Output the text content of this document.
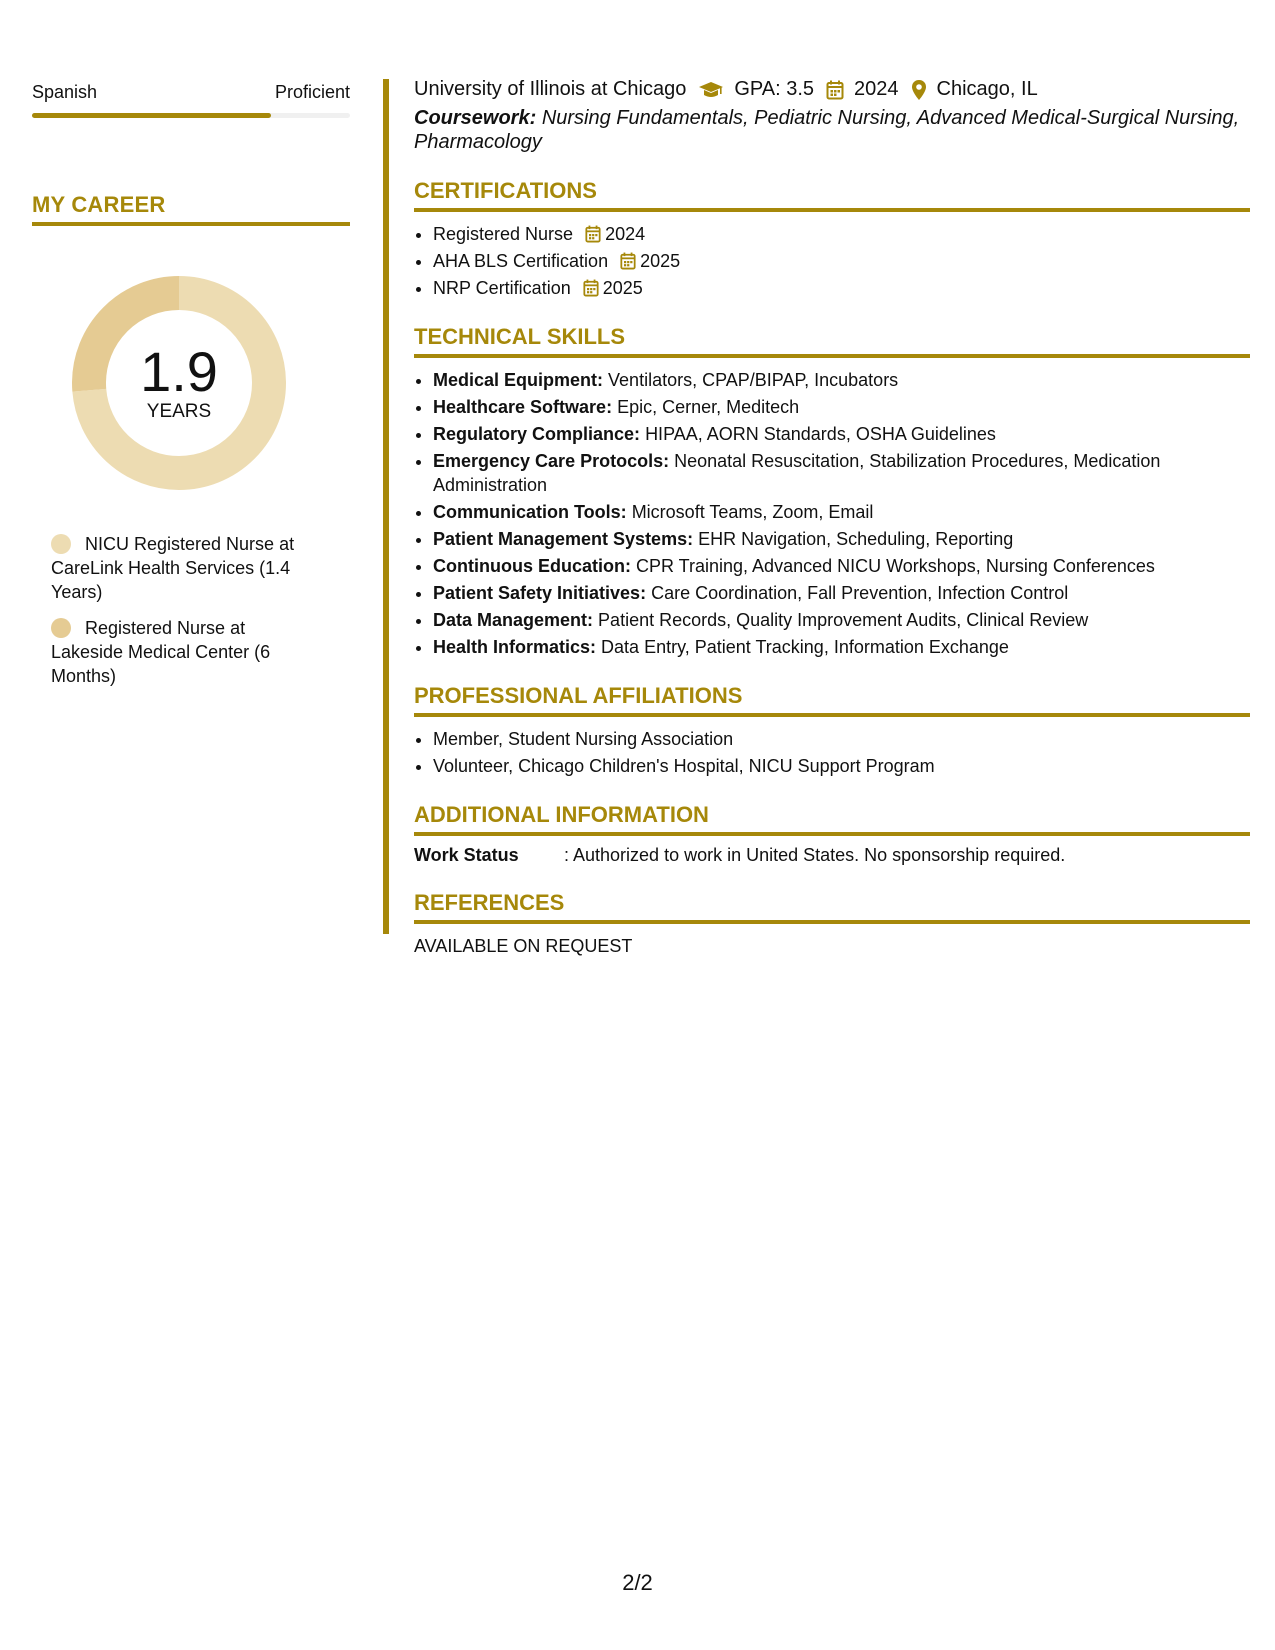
Spanish	Proficient
MY CAREER
1.9
YEARS
NICU Registered Nurse at CareLink Health Services (1.4 Years)
Registered Nurse at Lakeside Medical Center (6 Months)
University of Illinois at Chicago GPA: 3.5 2024 Chicago, IL
Coursework: Nursing Fundamentals, Pediatric Nursing, Advanced Medical-Surgical Nursing, Pharmacology
CERTIFICATIONS
• Registered Nurse 2024
• AHA BLS Certification 2025
• NRP Certification 2025
TECHNICAL SKILLS
• Medical Equipment: Ventilators, CPAP/BIPAP, Incubators
• Healthcare Software: Epic, Cerner, Meditech
• Regulatory Compliance: HIPAA, AORN Standards, OSHA Guidelines
• Emergency Care Protocols: Neonatal Resuscitation, Stabilization Procedures, Medication Administration
• Communication Tools: Microsoft Teams, Zoom, Email
• Patient Management Systems: EHR Navigation, Scheduling, Reporting
• Continuous Education: CPR Training, Advanced NICU Workshops, Nursing Conferences
• Patient Safety Initiatives: Care Coordination, Fall Prevention, Infection Control
• Data Management: Patient Records, Quality Improvement Audits, Clinical Review
• Health Informatics: Data Entry, Patient Tracking, Information Exchange
PROFESSIONAL AFFILIATIONS
• Member, Student Nursing Association
• Volunteer, Chicago Children's Hospital, NICU Support Program
ADDITIONAL INFORMATION
Work Status	: Authorized to work in United States. No sponsorship required.
REFERENCES
AVAILABLE ON REQUEST
2/2
